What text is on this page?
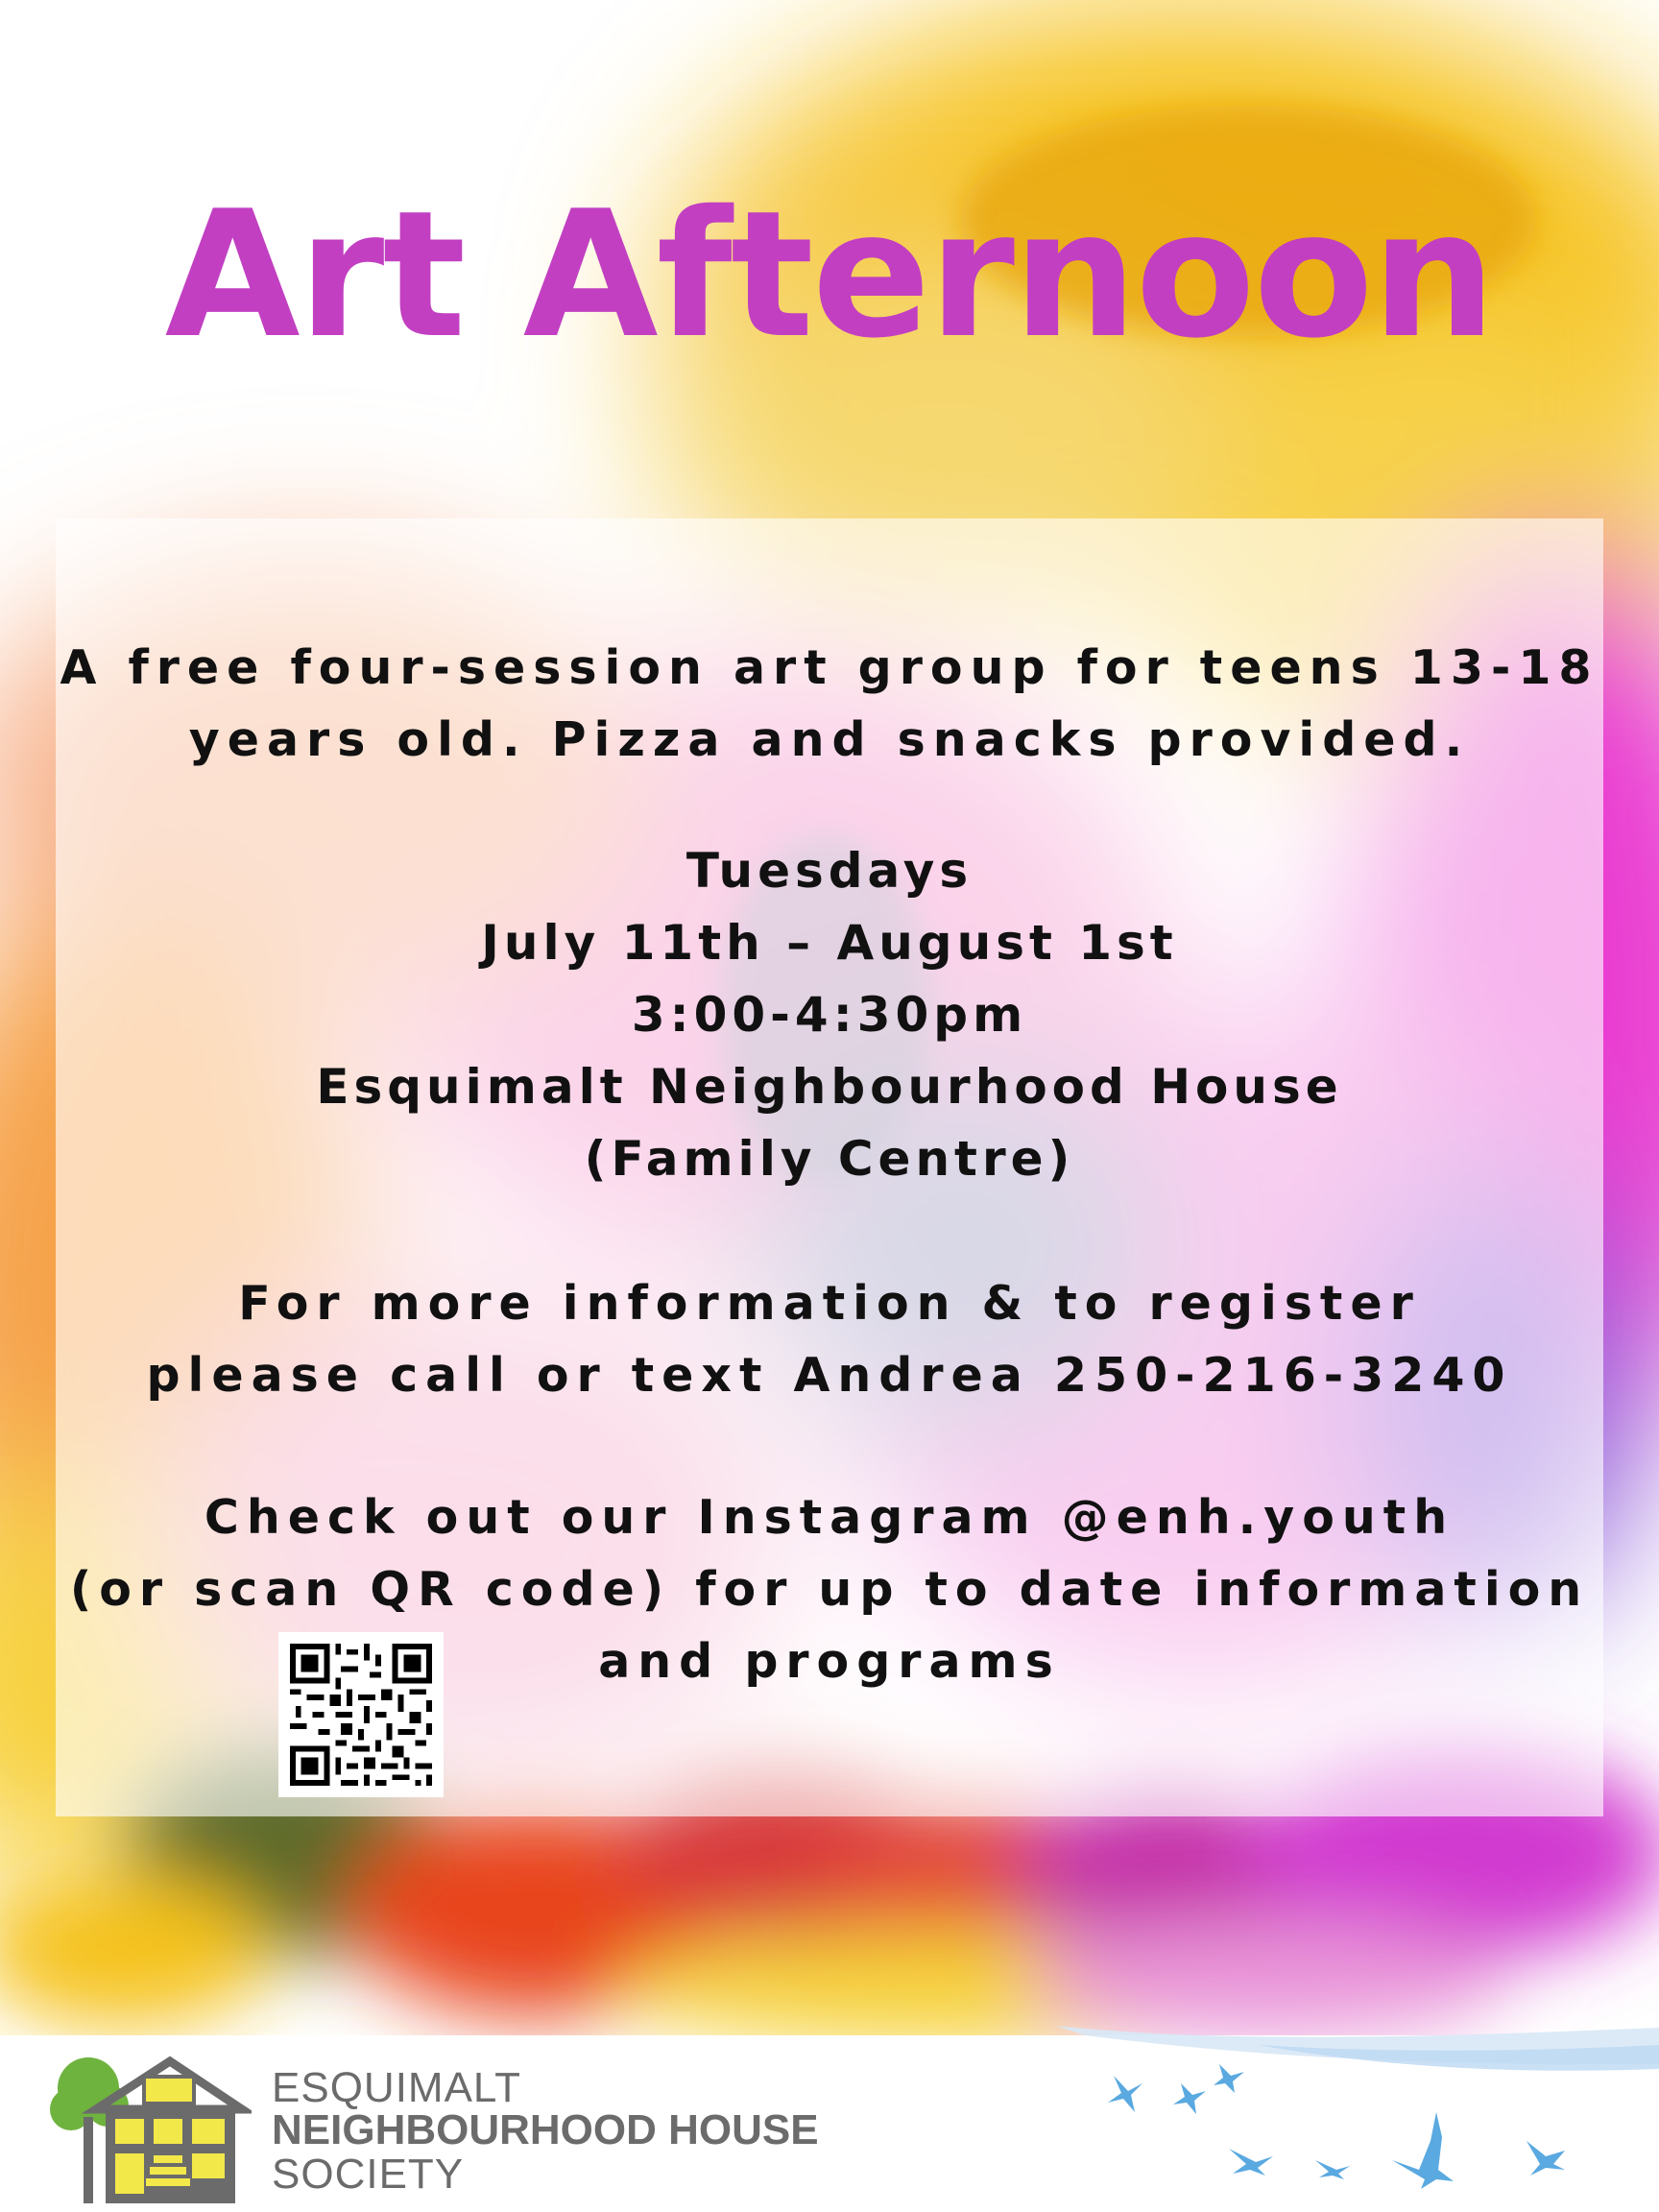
Art Afternoon
A free four-session art group for teens 13-18
years old. Pizza and snacks provided.
Tuesdays
July 11th – August 1st
3:00-4:30pm
Esquimalt Neighbourhood House
(Family Centre)
For more information & to register
please call or text Andrea 250-216-3240
Check out our Instagram @enh.youth
(or scan QR code) for up to date information
and programs
ESQUIMALT
NEIGHBOURHOOD HOUSE
SOCIETY
